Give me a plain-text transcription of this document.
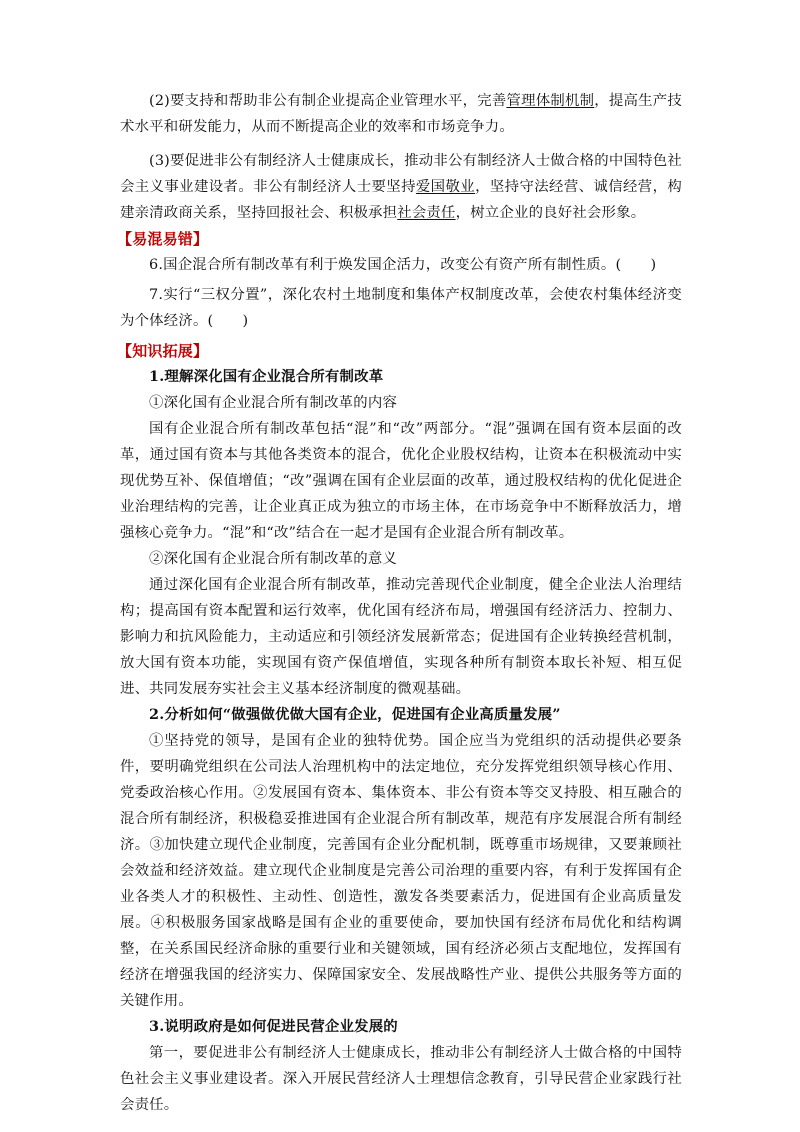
(2)要支持和帮助非公有制企业提高企业管理水平，完善管理体制机制，提高生产技术水平和研发能力，从而不断提高企业的效率和市场竞争力。

(3)要促进非公有制经济人士健康成长，推动非公有制经济人士做合格的中国特色社会主义事业建设者。非公有制经济人士要坚持爱国敬业，坚持守法经营、诚信经营，构建亲清政商关系，坚持回报社会、积极承担社会责任，树立企业的良好社会形象。

【易混易错】

6.国企混合所有制改革有利于焕发国企活力，改变公有资产所有制性质。(　　)

7.实行“三权分置”，深化农村土地制度和集体产权制度改革，会使农村集体经济变为个体经济。(　　)

【知识拓展】

1.理解深化国有企业混合所有制改革

①深化国有企业混合所有制改革的内容

国有企业混合所有制改革包括“混”和“改”两部分。“混”强调在国有资本层面的改革，通过国有资本与其他各类资本的混合，优化企业股权结构，让资本在积极流动中实现优势互补、保值增值；“改”强调在国有企业层面的改革，通过股权结构的优化促进企业治理结构的完善，让企业真正成为独立的市场主体，在市场竞争中不断释放活力，增强核心竞争力。“混”和“改”结合在一起才是国有企业混合所有制改革。

②深化国有企业混合所有制改革的意义

通过深化国有企业混合所有制改革，推动完善现代企业制度，健全企业法人治理结构；提高国有资本配置和运行效率，优化国有经济布局，增强国有经济活力、控制力、影响力和抗风险能力，主动适应和引领经济发展新常态；促进国有企业转换经营机制，放大国有资本功能，实现国有资产保值增值，实现各种所有制资本取长补短、相互促进、共同发展夯实社会主义基本经济制度的微观基础。

2.分析如何“做强做优做大国有企业，促进国有企业高质量发展”

①坚持党的领导，是国有企业的独特优势。国企应当为党组织的活动提供必要条件，要明确党组织在公司法人治理机构中的法定地位，充分发挥党组织领导核心作用、党委政治核心作用。②发展国有资本、集体资本、非公有资本等交叉持股、相互融合的混合所有制经济，积极稳妥推进国有企业混合所有制改革，规范有序发展混合所有制经济。③加快建立现代企业制度，完善国有企业分配机制，既尊重市场规律，又要兼顾社会效益和经济效益。建立现代企业制度是完善公司治理的重要内容，有利于发挥国有企业各类人才的积极性、主动性、创造性，激发各类要素活力，促进国有企业高质量发展。④积极服务国家战略是国有企业的重要使命，要加快国有经济布局优化和结构调整，在关系国民经济命脉的重要行业和关键领域，国有经济必须占支配地位，发挥国有经济在增强我国的经济实力、保障国家安全、发展战略性产业、提供公共服务等方面的关键作用。

3.说明政府是如何促进民营企业发展的

第一，要促进非公有制经济人士健康成长，推动非公有制经济人士做合格的中国特色社会主义事业建设者。深入开展民营经济人士理想信念教育，引导民营企业家践行社会责任。
